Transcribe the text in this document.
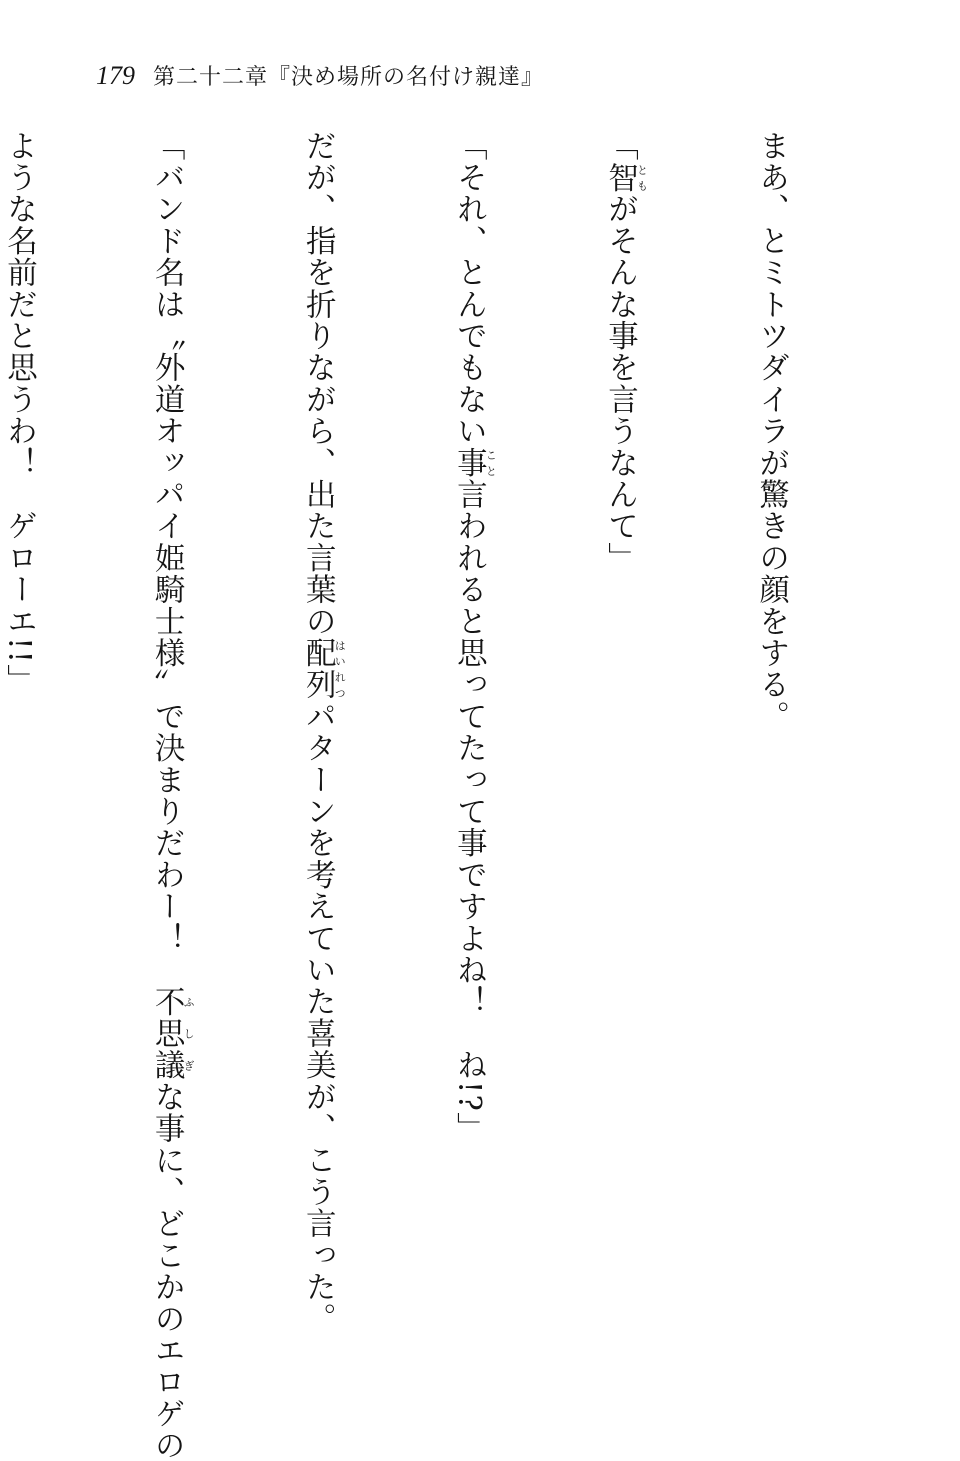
179 第二十二章『決め場所の名付け親達』

まあ、とミトツダイラが驚きの顔をする。

「智ともがそんな事を言うなんて」

「それ、とんでもない事こと言われると思ってたって事ですよね！　ね!?」

だが、指を折りながら、出た言葉の配列はいれつパターンを考えていた喜美が、こう言った。

「バンド名は〝外道オッパイ姫騎士様〟で決まりだわー！　不思議ふしぎな事に、どこかのエロゲの

ような名前だと思うわ！　ゲローエ!!」
